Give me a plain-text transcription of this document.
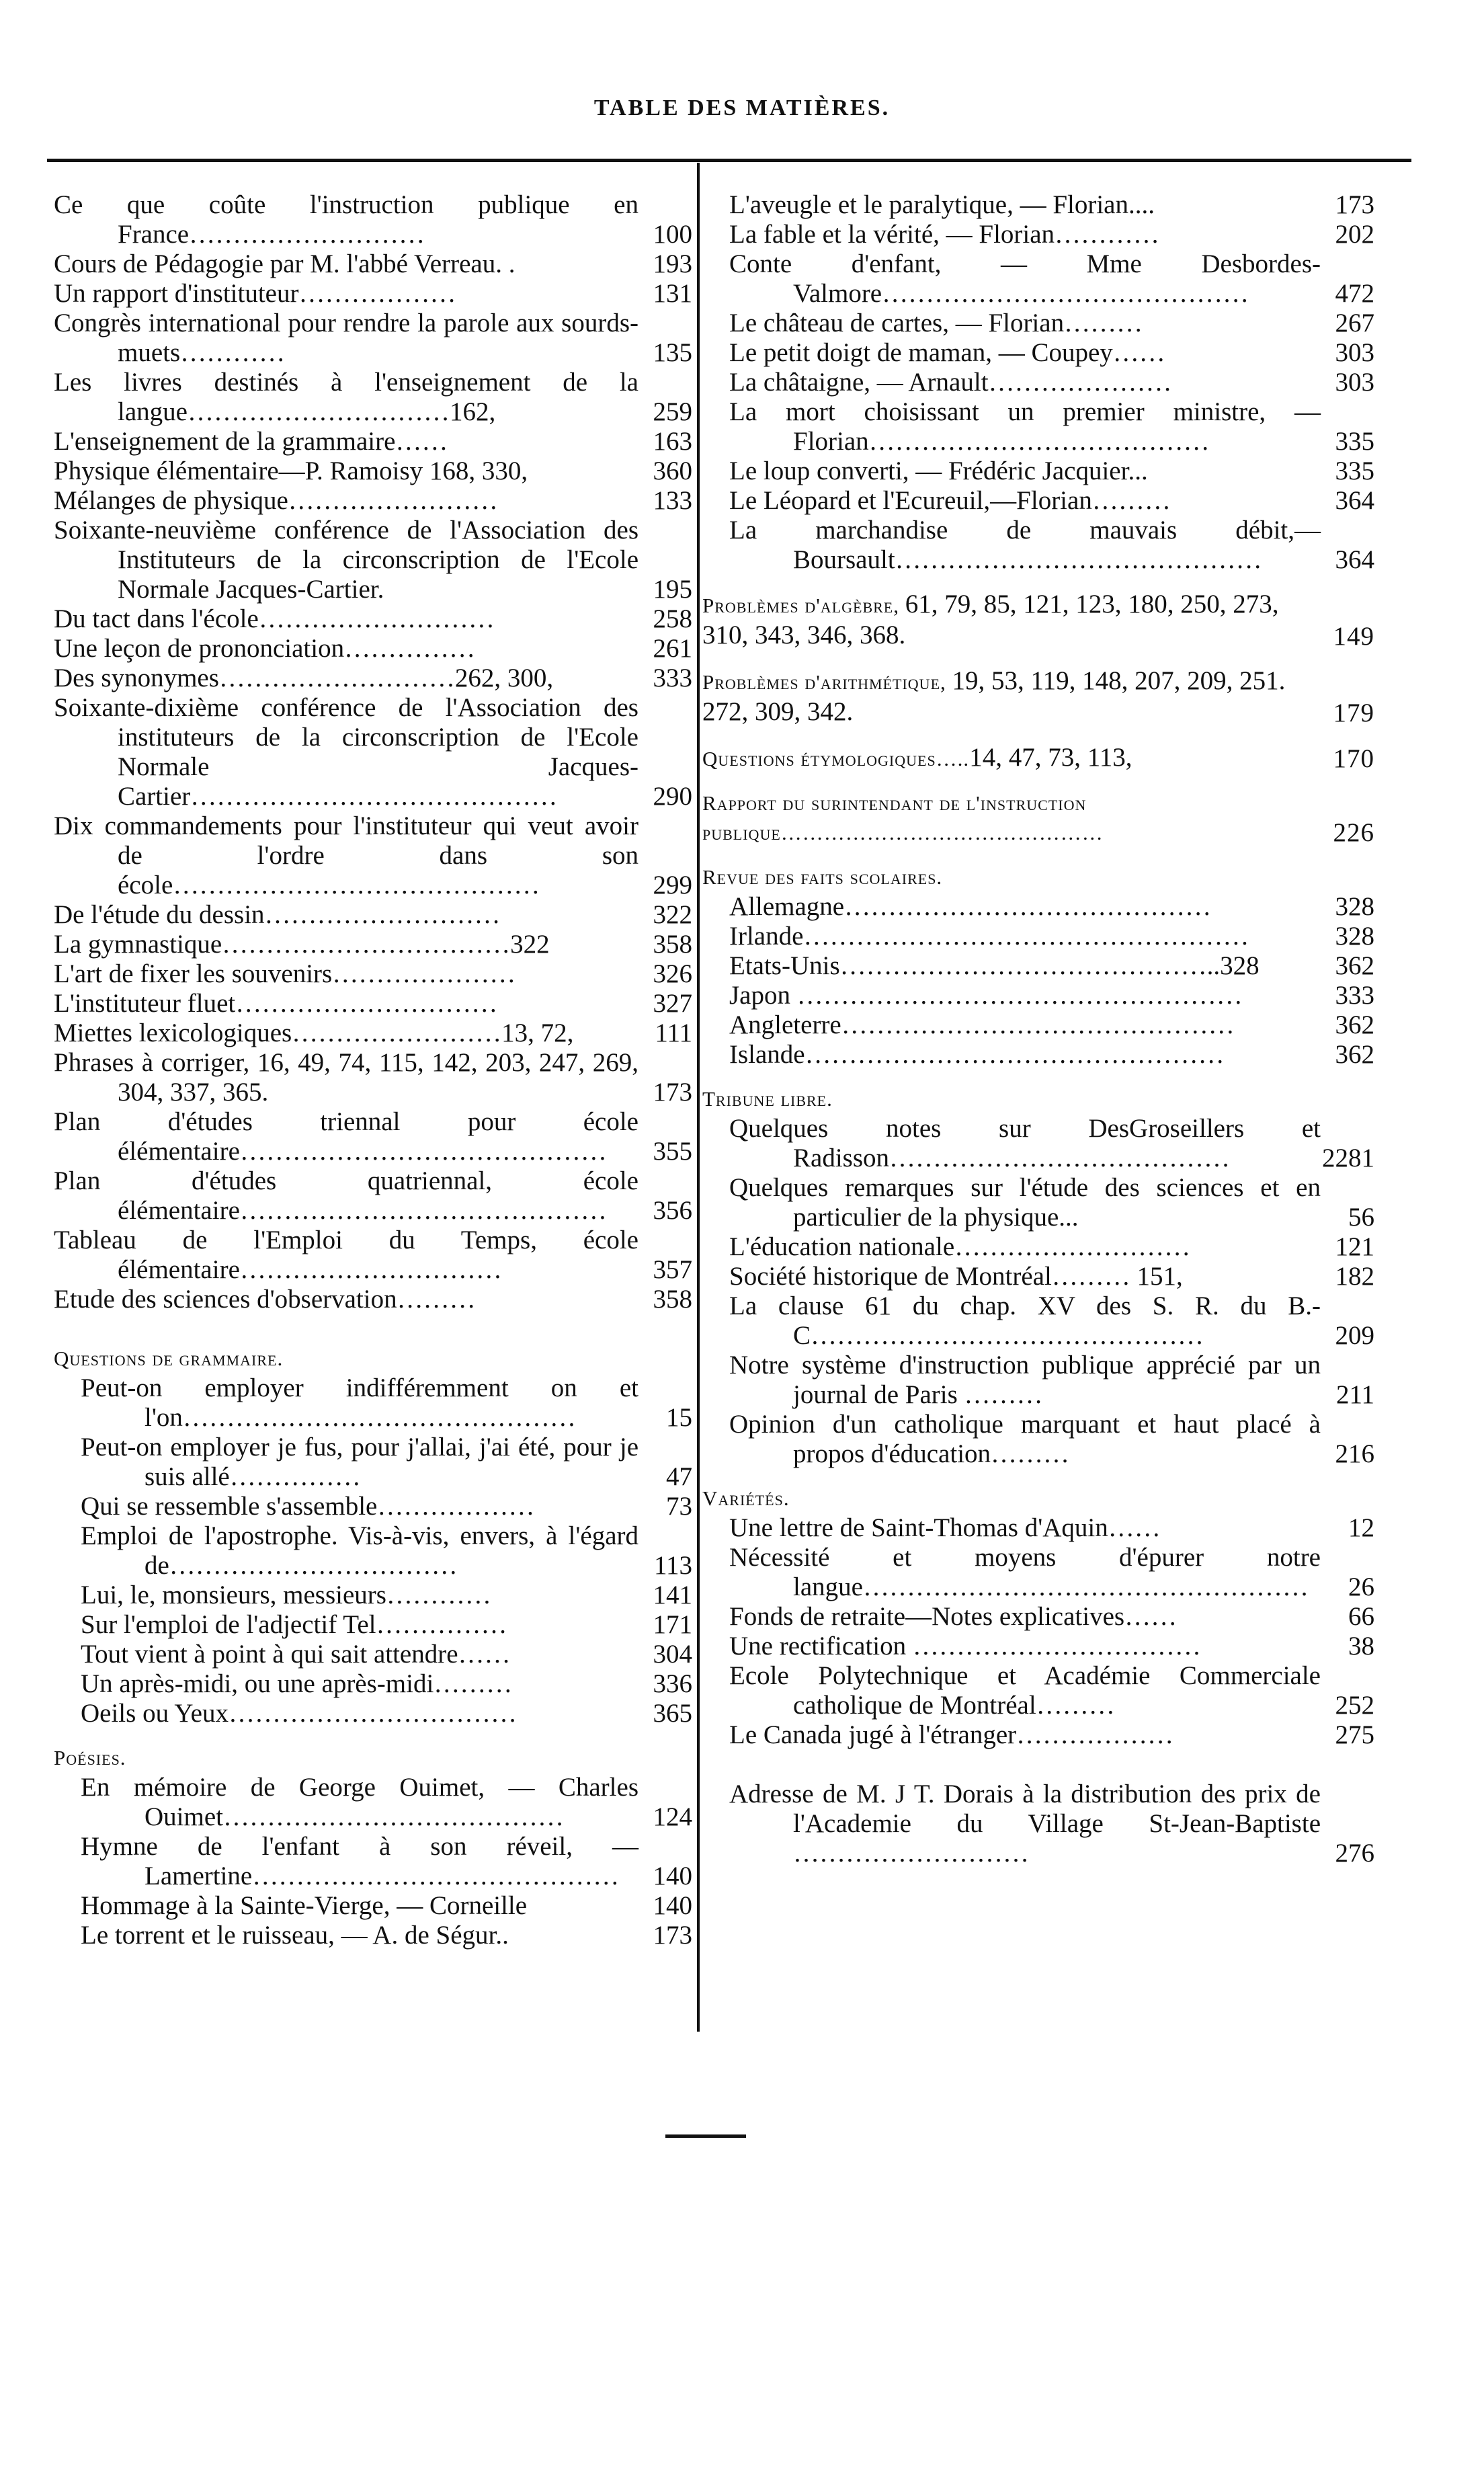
TABLE DES MATIÈRES.
Ce que coûte l'instruction publique en France………………………	100
Cours de Pédagogie par M. l'abbé Verreau. .	193
Un rapport d'instituteur………………	131
Congrès international pour rendre la parole aux sourds-muets…………	135
Les livres destinés à l'enseignement de la langue…………………………162,	259
L'enseignement de la grammaire……	163
Physique élémentaire—P. Ramoisy 168, 330,	360
Mélanges de physique……………………	133
Soixante-neuvième conférence de l'Association des Instituteurs de la circonscription de l'Ecole Normale Jacques-Cartier.	195
Du tact dans l'école………………………	258
Une leçon de prononciation……………	261
Des synonymes………………………262, 300,	333
Soixante-dixième conférence de l'Association des instituteurs de la circonscription de l'Ecole Normale Jacques-Cartier……………………………………	290
Dix commandements pour l'instituteur qui veut avoir de l'ordre dans son école……………………………………	299
De l'étude du dessin………………………	322
La gymnastique……………………………322	358
L'art de fixer les souvenirs…………………	326
L'instituteur fluet…………………………	327
Miettes lexicologiques……………………13, 72,	111
Phrases à corriger, 16, 49, 74, 115, 142, 203, 247, 269, 304, 337, 365.	173
Plan d'études triennal pour école élémentaire……………………………………	355
Plan d'études quatriennal, école élémentaire……………………………………	356
Tableau de l'Emploi du Temps, école élémentaire…………………………	357
Etude des sciences d'observation………	358
Questions de grammaire.
Peut-on employer indifféremment on et l'on………………………………………	15
Peut-on employer je fus, pour j'allai, j'ai été, pour je suis allé……………	47
Qui se ressemble s'assemble………………	73
Emploi de l'apostrophe. Vis-à-vis, envers, à l'égard de……………………………	113
Lui, le, monsieurs, messieurs…………	141
Sur l'emploi de l'adjectif Tel……………	171
Tout vient à point à qui sait attendre……	304
Un après-midi, ou une après-midi………	336
Oeils ou Yeux……………………………	365
Poésies.
En mémoire de George Ouimet, — Charles Ouimet…………………………………	124
Hymne de l'enfant à son réveil, — Lamertine……………………………………	140
Hommage à la Sainte-Vierge, — Corneille	140
Le torrent et le ruisseau, — A. de Ségur..	173
L'aveugle et le paralytique, — Florian....	173
La fable et la vérité, — Florian…………	202
Conte d'enfant, — Mme Desbordes-Valmore……………………………………	472
Le château de cartes, — Florian………	267
Le petit doigt de maman, — Coupey……	303
La châtaigne, — Arnault…………………	303
La mort choisissant un premier ministre, — Florian…………………………………	335
Le loup converti, — Frédéric Jacquier...	335
Le Léopard et l'Ecureuil,—Florian………	364
La marchandise de mauvais débit,—Boursault……………………………………	364
Problèmes d'algèbre, 61, 79, 85, 121, 123, 180, 250, 273, 310, 343, 346, 368.	149
Problèmes d'arithmétique, 19, 53, 119, 148, 207, 209, 251. 272, 309, 342.	179
Questions étymologiques…..14, 47, 73, 113,	170
Rapport du surintendant de l'instruction publique………………………………………	226
Revue des faits scolaires.
Allemagne……………………………………	328
Irlande……………………………………………	328
Etats-Unis……………………………………..328	362
Japon ……………………………………………	333
Angleterre………………………………………	362
Islande…………………………………………	362
Tribune libre.
Quelques notes sur DesGroseillers et Radisson…………………………………	2281
Quelques remarques sur l'étude des sciences et en particulier de la physique...	56
L'éducation nationale………………………	121
Société historique de Montréal……… 151,	182
La clause 61 du chap. XV des S. R. du B.-C………………………………………	209
Notre système d'instruction publique apprécié par un journal de Paris ………	211
Opinion d'un catholique marquant et haut placé à propos d'éducation………	216
Variétés.
Une lettre de Saint-Thomas d'Aquin……	12
Nécessité et moyens d'épurer notre langue……………………………………………	26
Fonds de retraite—Notes explicatives……	66
Une rectification ……………………………	38
Ecole Polytechnique et Académie Commerciale catholique de Montréal………	252
Le Canada jugé à l'étranger………………	275
Adresse de M. J T. Dorais à la distribution des prix de l'Academie du Village St-Jean-Baptiste ………………………	276
